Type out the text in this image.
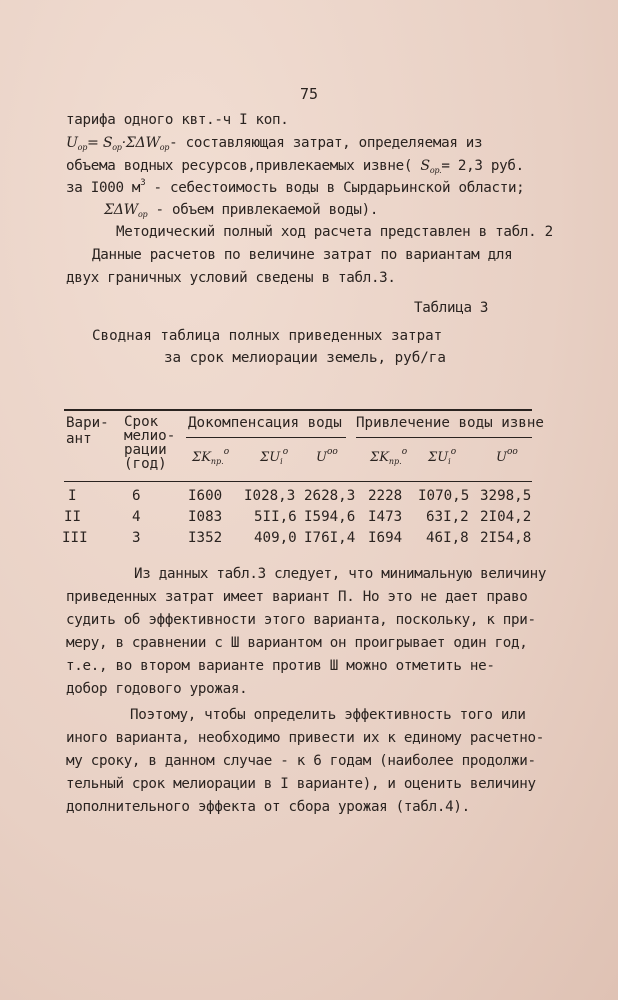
75
тарифа одного квт.-ч I коп.
$U_{оp}= S_{оp}\cdot\Sigma\Delta W_{оp}-$ составляющая затрат, определяемая из
объема водных ресурсов,привлекаемых извне( $S_{оp.}= 2,3$ руб.
за I000 $м^3$ - себестоимость воды в Сырдарьинской области;
$\Sigma\Delta W_{оp}$ - объем привлекаемой воды).
Методический полный ход расчета представлен в табл. 2
Данные расчетов по величине затрат по вариантам для
двух граничных условий сведены в табл.3.
Таблица 3
Сводная таблица полных приведенных затрат
за срок мелиорации земель, руб/га
Вари-
ант
Срок
мелио-
рации
(год)
Докомпенсация воды Привлечение воды извне
$\Sigma K_{пр.}^o$ $\Sigma U_i^o$ $U^{oo}$ $\Sigma K_{пр.}^o$ $\Sigma U_i^o$	$U^{oo}$
I	6	I600 I028,3 2628,3 2228 I070,5 3298,5
II	4	I083 5II,6 I594,6 I473 63I,2 2I04,2
III	3	I352 409,0 I76I,4 I694 46I,8 2I54,8
Из данных табл.3 следует, что минимальную величину
приведенных затрат имеет вариант П. Но это не дает право
судить об эффективности этого варианта, поскольку, к при-
меру, в сравнении с Ш вариантом он проигрывает один год,
т.е., во втором варианте против Ш можно отметить не-
добор годового урожая.
Поэтому, чтобы определить эффективность того или
иного варианта, необходимо привести их к единому расчетно-
му сроку, в данном случае - к 6 годам (наиболее продолжи-
тельный срок мелиорации в I варианте), и оценить величину
дополнительного эффекта от сбора урожая (табл.4).
